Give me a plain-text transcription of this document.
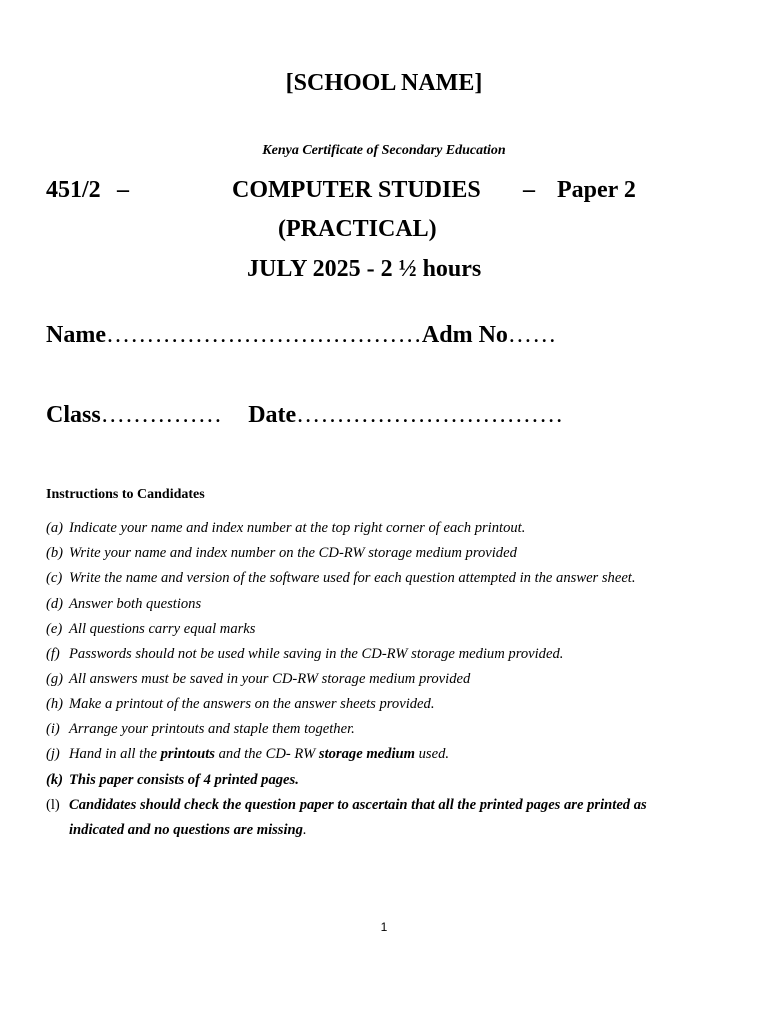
[SCHOOL NAME]
Kenya Certificate of Secondary Education
451/2 –	COMPUTER STUDIES – Paper 2
(PRACTICAL)
JULY 2025 - 2 ½ hours
Name…………………………………Adm No……
Class…………… Date……………………………
Instructions to Candidates
(a) Indicate your name and index number at the top right corner of each printout.
(b) Write your name and index number on the CD-RW storage medium provided
(c) Write the name and version of the software used for each question attempted in the answer sheet.
(d) Answer both questions
(e) All questions carry equal marks
(f) Passwords should not be used while saving in the CD-RW storage medium provided.
(g) All answers must be saved in your CD-RW storage medium provided
(h) Make a printout of the answers on the answer sheets provided.
(i) Arrange your printouts and staple them together.
(j) Hand in all the printouts and the CD- RW storage medium used.
(k) This paper consists of 4 printed pages.
(l) Candidates should check the question paper to ascertain that all the printed pages are printed as
indicated and no questions are missing.
1
